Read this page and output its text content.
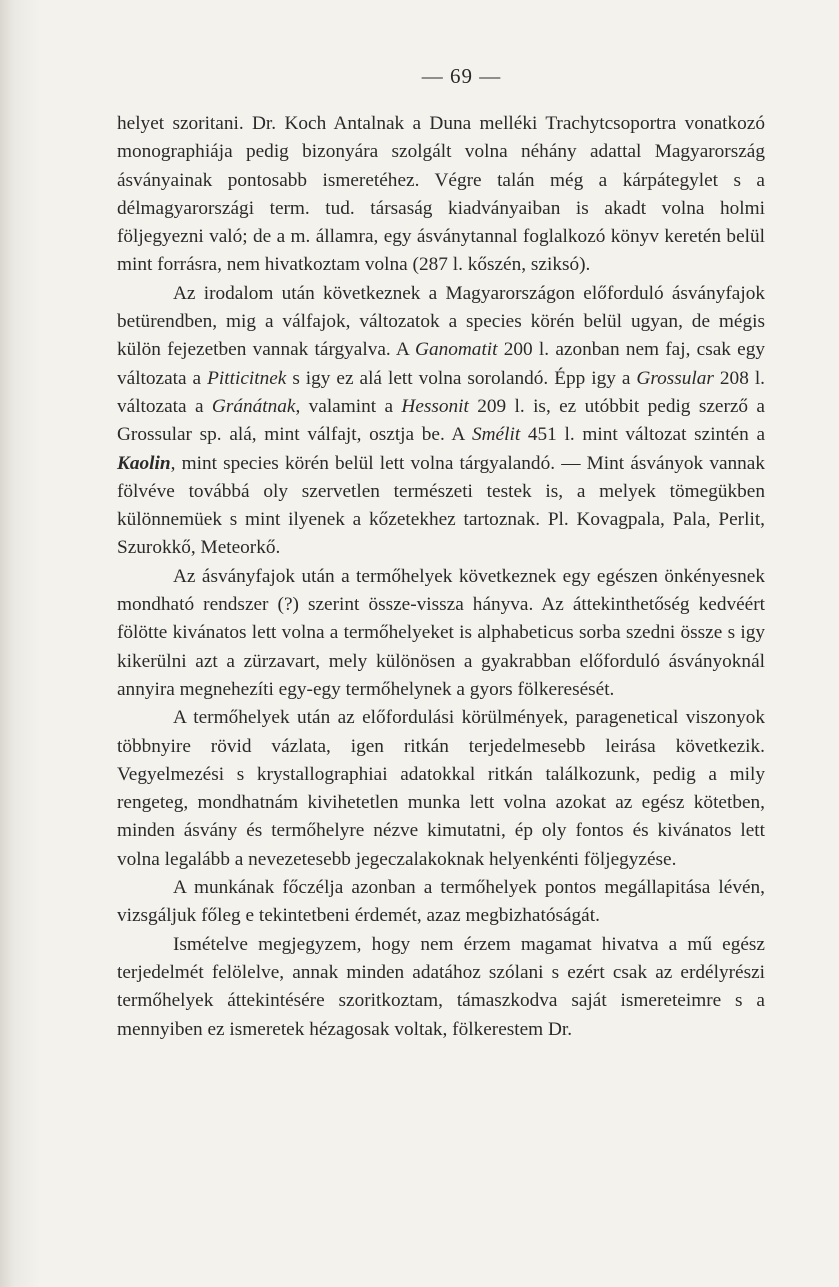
— 69 —

helyet szoritani. Dr. Koch Antalnak a Duna melléki Trachytcsoportra vonatkozó monographiája pedig bizonyára szolgált volna néhány adattal Magyarország ásványainak pontosabb ismeretéhez. Végre talán még a kárpátegylet s a délmagyarországi term. tud. társaság kiadványaiban is akadt volna holmi följegyezni való; de a m. államra, egy ásványtannal foglalkozó könyv keretén belül mint forrásra, nem hivatkoztam volna (287 l. kőszén, sziksó).

Az irodalom után következnek a Magyarországon előforduló ásványfajok betürendben, mig a válfajok, változatok a species körén belül ugyan, de mégis külön fejezetben vannak tárgyalva. A Ganomatit 200 l. azonban nem faj, csak egy változata a Pitticitnek s igy ez alá lett volna sorolandó. Épp igy a Grossular 208 l. változata a Gránátnak, valamint a Hessonit 209 l. is, ez utóbbit pedig szerző a Grossular sp. alá, mint válfajt, osztja be. A Smélit 451 l. mint változat szintén a Kaolin, mint species körén belül lett volna tárgyalandó. — Mint ásványok vannak fölvéve továbbá oly szervetlen természeti testek is, a melyek tömegükben különnemüek s mint ilyenek a kőzetekhez tartoznak. Pl. Kovagpala, Pala, Perlit, Szurokkő, Meteorkő.

Az ásványfajok után a termőhelyek következnek egy egészen önkényesnek mondható rendszer (?) szerint össze-vissza hányva. Az áttekinthetőség kedvéért fölötte kivánatos lett volna a termőhelyeket is alphabeticus sorba szedni össze s igy kikerülni azt a zürzavart, mely különösen a gyakrabban előforduló ásványoknál annyira megnehezíti egy-egy termőhelynek a gyors fölkeresését.

A termőhelyek után az előfordulási körülmények, paragenetical viszonyok többnyire rövid vázlata, igen ritkán terjedelmesebb leirása következik. Vegyelmezési s krystallographiai adatokkal ritkán találkozunk, pedig a mily rengeteg, mondhatnám kivihetetlen munka lett volna azokat az egész kötetben, minden ásvány és termőhelyre nézve kimutatni, ép oly fontos és kivánatos lett volna legalább a nevezetesebb jegeczalakoknak helyenkénti följegyzése.

A munkának főczélja azonban a termőhelyek pontos megállapitása lévén, vizsgáljuk főleg e tekintetbeni érdemét, azaz megbizhatóságát.

Ismételve megjegyzem, hogy nem érzem magamat hivatva a mű egész terjedelmét felölelve, annak minden adatához szólani s ezért csak az erdélyrészi termőhelyek áttekintésére szoritkoztam, támaszkodva saját ismereteimre s a mennyiben ez ismeretek hézagosak voltak, fölkerestem Dr.
